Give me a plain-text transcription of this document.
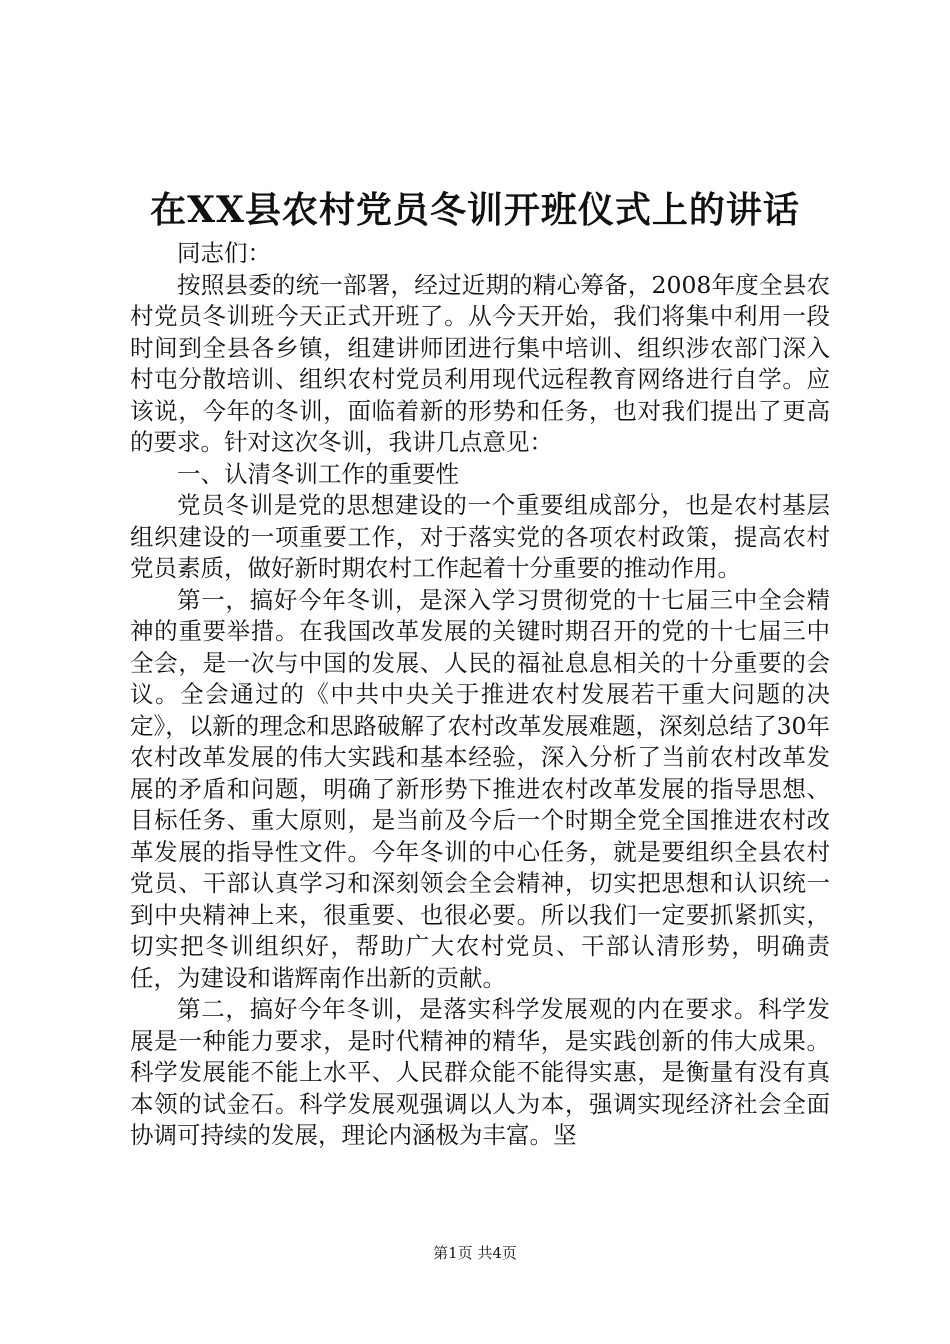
在XX县农村党员冬训开班仪式上的讲话

同志们：

按照县委的统一部署，经过近期的精心筹备，2008年度全县农村党员冬训班今天正式开班了。从今天开始，我们将集中利用一段时间到全县各乡镇，组建讲师团进行集中培训、组织涉农部门深入村屯分散培训、组织农村党员利用现代远程教育网络进行自学。应该说，今年的冬训，面临着新的形势和任务，也对我们提出了更高的要求。针对这次冬训，我讲几点意见：

一、认清冬训工作的重要性

党员冬训是党的思想建设的一个重要组成部分，也是农村基层组织建设的一项重要工作，对于落实党的各项农村政策，提高农村党员素质，做好新时期农村工作起着十分重要的推动作用。

第一，搞好今年冬训，是深入学习贯彻党的十七届三中全会精神的重要举措。在我国改革发展的关键时期召开的党的十七届三中全会，是一次与中国的发展、人民的福祉息息相关的十分重要的会议。全会通过的《中共中央关于推进农村发展若干重大问题的决定》，以新的理念和思路破解了农村改革发展难题，深刻总结了30年农村改革发展的伟大实践和基本经验，深入分析了当前农村改革发展的矛盾和问题，明确了新形势下推进农村改革发展的指导思想、目标任务、重大原则，是当前及今后一个时期全党全国推进农村改革发展的指导性文件。今年冬训的中心任务，就是要组织全县农村党员、干部认真学习和深刻领会全会精神，切实把思想和认识统一到中央精神上来，很重要、也很必要。所以我们一定要抓紧抓实，切实把冬训组织好，帮助广大农村党员、干部认清形势，明确责任，为建设和谐辉南作出新的贡献。

第二，搞好今年冬训，是落实科学发展观的内在要求。科学发展是一种能力要求，是时代精神的精华，是实践创新的伟大成果。科学发展能不能上水平、人民群众能不能得实惠，是衡量有没有真本领的试金石。科学发展观强调以人为本，强调实现经济社会全面协调可持续的发展，理论内涵极为丰富。坚

第1页 共4页
